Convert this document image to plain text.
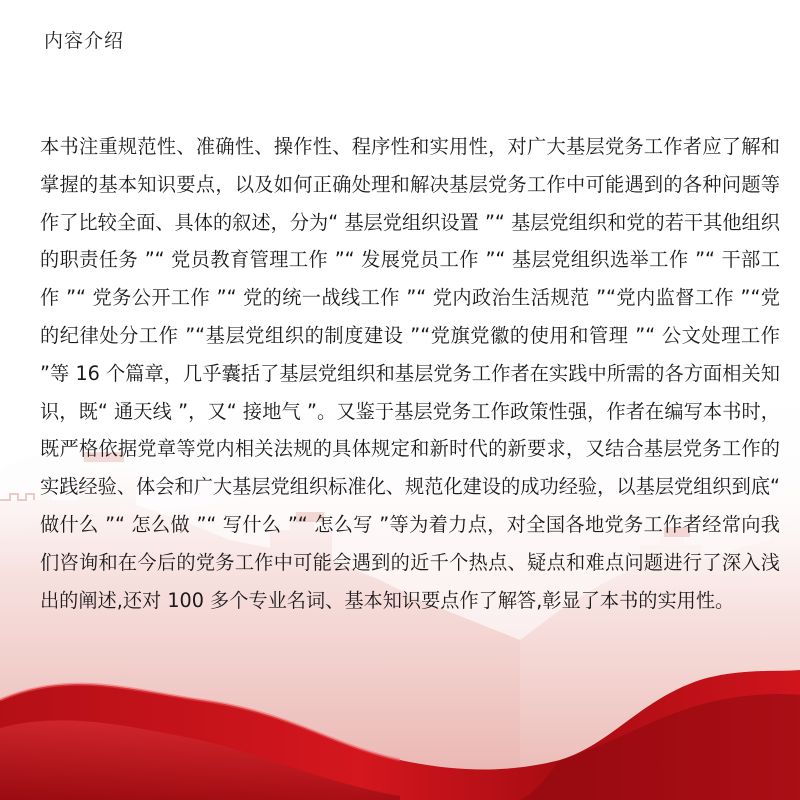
内容介绍

本书注重规范性、准确性、操作性、程序性和实用性，对广大基层党务工作者应了解和掌握的基本知识要点，以及如何正确处理和解决基层党务工作中可能遇到的各种问题等作了比较全面、具体的叙述，分为“ 基层党组织设置 ”“ 基层党组织和党的若干其他组织的职责任务 ”“ 党员教育管理工作 ”“ 发展党员工作 ”“ 基层党组织选举工作 ”“ 干部工作 ”“ 党务公开工作 ”“ 党的统一战线工作 ”“ 党内政治生活规范 ”“党内监督工作 ”“党的纪律处分工作 ”“基层党组织的制度建设 ”“党旗党徽的使用和管理 ”“ 公文处理工作 ”等 16 个篇章，几乎囊括了基层党组织和基层党务工作者在实践中所需的各方面相关知识，既“ 通天线 ”，又“ 接地气 ”。又鉴于基层党务工作政策性强，作者在编写本书时，既严格依据党章等党内相关法规的具体规定和新时代的新要求，又结合基层党务工作的实践经验、体会和广大基层党组织标准化、规范化建设的成功经验，以基层党组织到底“ 做什么 ”“ 怎么做 ”“ 写什么 ”“ 怎么写 ”等为着力点，对全国各地党务工作者经常向我们咨询和在今后的党务工作中可能会遇到的近千个热点、疑点和难点问题进行了深入浅出的阐述,还对 100 多个专业名词、基本知识要点作了解答,彰显了本书的实用性。
